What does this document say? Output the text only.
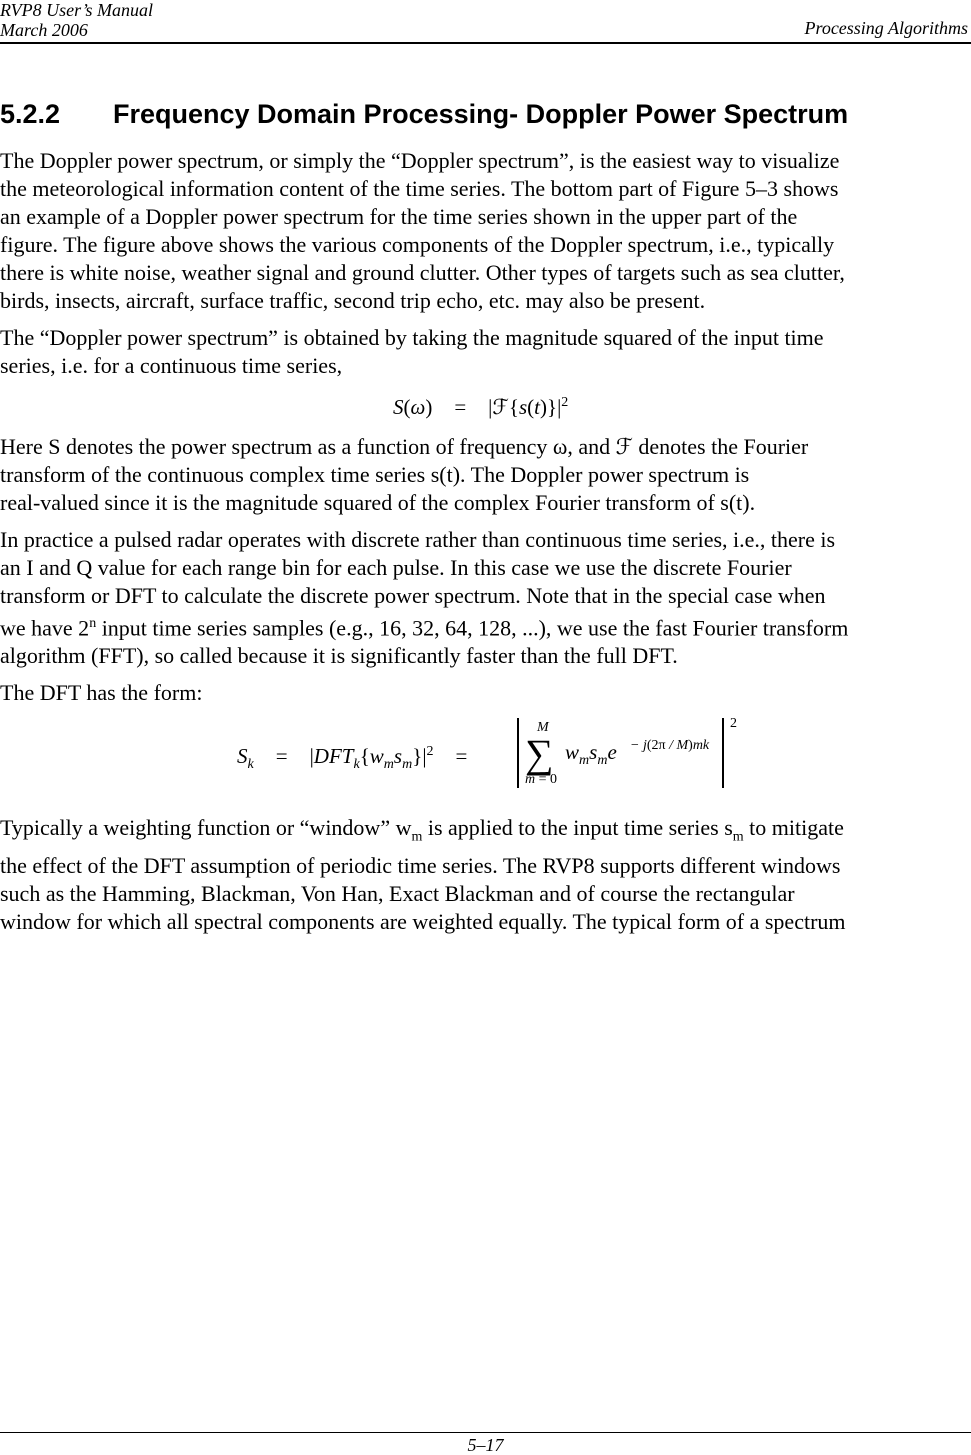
RVP8 User’s Manual
March 2006	Processing Algorithms
5.2.2 Frequency Domain Processing- Doppler Power Spectrum

The Doppler power spectrum, or simply the “Doppler spectrum”, is the easiest way to visualize
the meteorological information content of the time series. The bottom part of Figure 5–3 shows
an example of a Doppler power spectrum for the time series shown in the upper part of the
figure. The figure above shows the various components of the Doppler spectrum, i.e., typically
there is white noise, weather signal and ground clutter. Other types of targets such as sea clutter,
birds, insects, aircraft, surface traffic, second trip echo, etc. may also be present.

The “Doppler power spectrum” is obtained by taking the magnitude squared of the input time
series, i.e. for a continuous time series,

$S(\omega) = |ℱ\{s(t)\}|^2$

Here S denotes the power spectrum as a function of frequency ω, and ℱ denotes the Fourier
transform of the continuous complex time series s(t). The Doppler power spectrum is
real-valued since it is the magnitude squared of the complex Fourier transform of s(t).

In practice a pulsed radar operates with discrete rather than continuous time series, i.e., there is
an I and Q value for each range bin for each pulse. In this case we use the discrete Fourier
transform or DFT to calculate the discrete power spectrum. Note that in the special case when
we have 2$^n$ input time series samples (e.g., 16, 32, 64, 128, ...), we use the fast Fourier transform
algorithm (FFT), so called because it is significantly faster than the full DFT.

The DFT has the form:

$S_k = |DFT_k\{w_ms_m\}|^2$ =
M
∑
m = 0
$w_ms_me - j(2\pi / M)mk$
2

Typically a weighting function or “window” $w_m$ is applied to the input time series $s_m$ to mitigate
the effect of the DFT assumption of periodic time series. The RVP8 supports different windows
such as the Hamming, Blackman, Von Han, Exact Blackman and of course the rectangular
window for which all spectral components are weighted equally. The typical form of a spectrum

5–17
